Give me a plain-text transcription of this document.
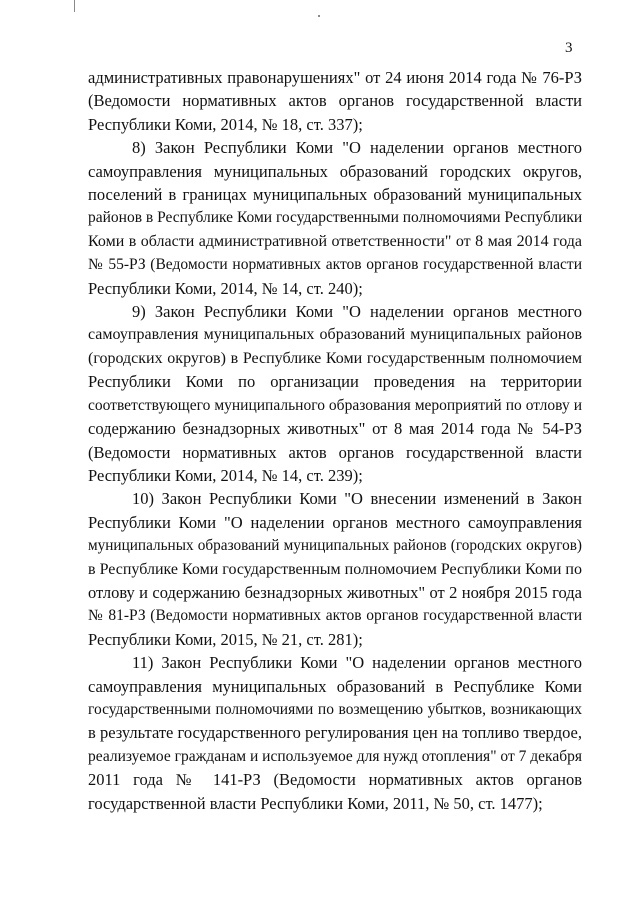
3
административных правонарушениях" от 24 июня 2014 года № 76-РЗ
(Ведомости нормативных актов органов государственной власти
Республики Коми, 2014, № 18, ст. 337);
8) Закон Республики Коми "О наделении органов местного
самоуправления муниципальных образований городских округов,
поселений в границах муниципальных образований муниципальных
районов в Республике Коми государственными полномочиями Республики
Коми в области административной ответственности" от 8 мая 2014 года
№ 55-РЗ (Ведомости нормативных актов органов государственной власти
Республики Коми, 2014, № 14, ст. 240);
9) Закон Республики Коми "О наделении органов местного
самоуправления муниципальных образований муниципальных районов
(городских округов) в Республике Коми государственным полномочием
Республики Коми по организации проведения на территории
соответствующего муниципального образования мероприятий по отлову и
содержанию безнадзорных животных" от 8 мая 2014 года № 54-РЗ
(Ведомости нормативных актов органов государственной власти
Республики Коми, 2014, № 14, ст. 239);
10) Закон Республики Коми "О внесении изменений в Закон
Республики Коми "О наделении органов местного самоуправления
муниципальных образований муниципальных районов (городских округов)
в Республике Коми государственным полномочием Республики Коми по
отлову и содержанию безнадзорных животных" от 2 ноября 2015 года
№ 81-РЗ (Ведомости нормативных актов органов государственной власти
Республики Коми, 2015, № 21, ст. 281);
11) Закон Республики Коми "О наделении органов местного
самоуправления муниципальных образований в Республике Коми
государственными полномочиями по возмещению убытков, возникающих
в результате государственного регулирования цен на топливо твердое,
реализуемое гражданам и используемое для нужд отопления" от 7 декабря
2011 года № 141-РЗ (Ведомости нормативных актов органов
государственной власти Республики Коми, 2011, № 50, ст. 1477);
